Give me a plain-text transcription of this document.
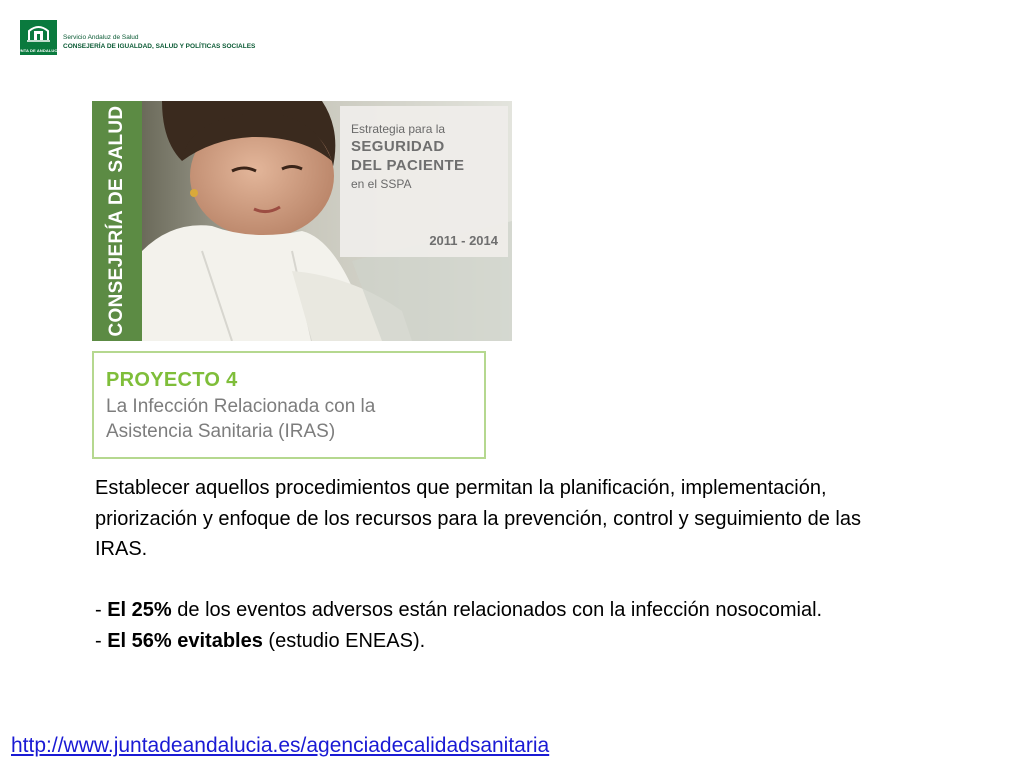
JUNTA DE ANDALUCIA
Servicio Andaluz de Salud
CONSEJERÍA DE IGUALDAD, SALUD Y POLÍTICAS SOCIALES
CONSEJERÍA DE SALUD	Estrategia para la
SEGURIDAD
DEL PACIENTE
en el SSPA
2011 - 2014
PROYECTO 4
La Infección Relacionada con la
Asistencia Sanitaria (IRAS)

Establecer aquellos procedimientos que permitan la planificación, implementación, priorización y enfoque de los recursos para la prevención, control y seguimiento de las IRAS.

- El 25% de los eventos adversos están relacionados con la infección nosocomial.

- El 56% evitables (estudio ENEAS).

http://www.juntadeandalucia.es/agenciadecalidadsanitaria
